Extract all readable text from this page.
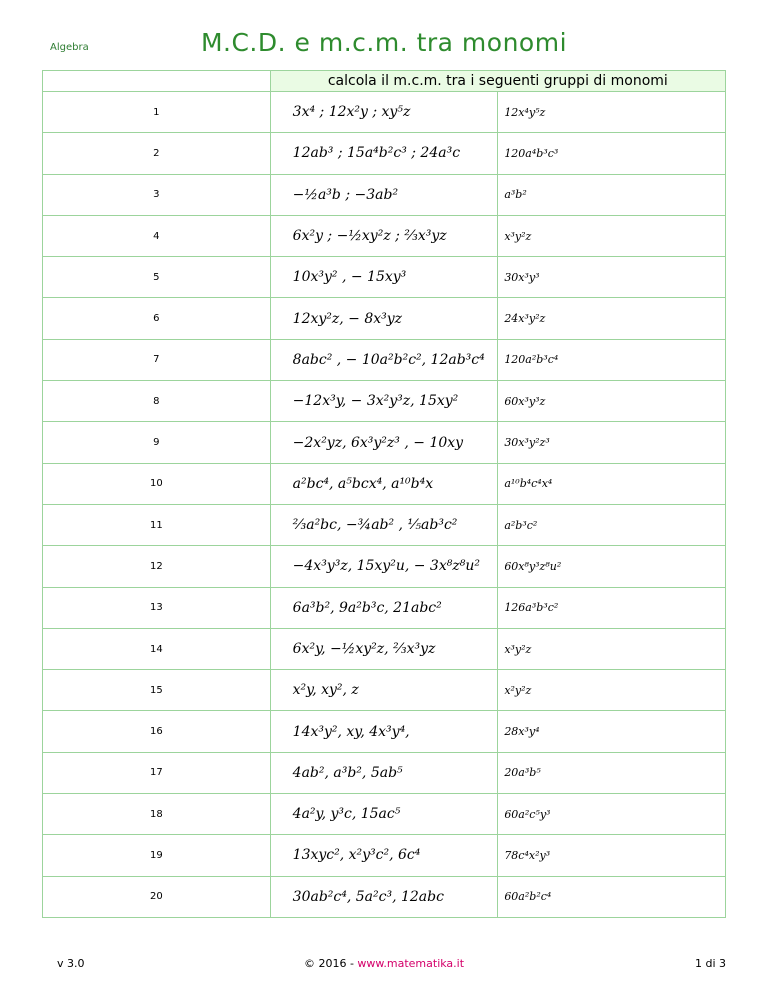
Algebra	M.C.D. e m.c.m. tra monomi
	calcola il m.c.m. tra i seguenti gruppi di monomi	
1	3x⁴ ; 12x²y ; xy⁵z	12x⁴y⁵z
2	12ab³ ; 15a⁴b²c³ ; 24a³c	120a⁴b³c³
3	−½a³b ; −3ab²	a³b²
4	6x²y ; −½xy²z ; ⅔x³yz	x³y²z
5	10x³y² , − 15xy³	30x³y³
6	12xy²z, − 8x³yz	24x³y²z
7	8abc² , − 10a²b²c², 12ab³c⁴	120a²b³c⁴
8	−12x³y, − 3x²y³z, 15xy²	60x³y³z
9	−2x²yz, 6x³y²z³ , − 10xy	30x³y²z³
10	a²bc⁴, a⁵bcx⁴, a¹⁰b⁴x	a¹⁰b⁴c⁴x⁴
11	⅔a²bc, −¾ab² , ⅕ab³c²	a²b³c²
12	−4x³y³z, 15xy²u, − 3x⁸z⁸u²	60x⁸y³z⁸u²
13	6a³b², 9a²b³c, 21abc²	126a³b³c²
14	6x²y, −½xy²z, ⅔x³yz	x³y²z
15	x²y, xy², z	x²y²z
16	14x³y², xy, 4x³y⁴,	28x³y⁴
17	4ab², a³b², 5ab⁵	20a³b⁵
18	4a²y, y³c, 15ac⁵	60a²c⁵y³
19	13xyc², x²y³c², 6c⁴	78c⁴x²y³
20	30ab²c⁴, 5a²c³, 12abc	60a²b²c⁴
v 3.0	© 2016 - www.matematika.it	1 di 3
